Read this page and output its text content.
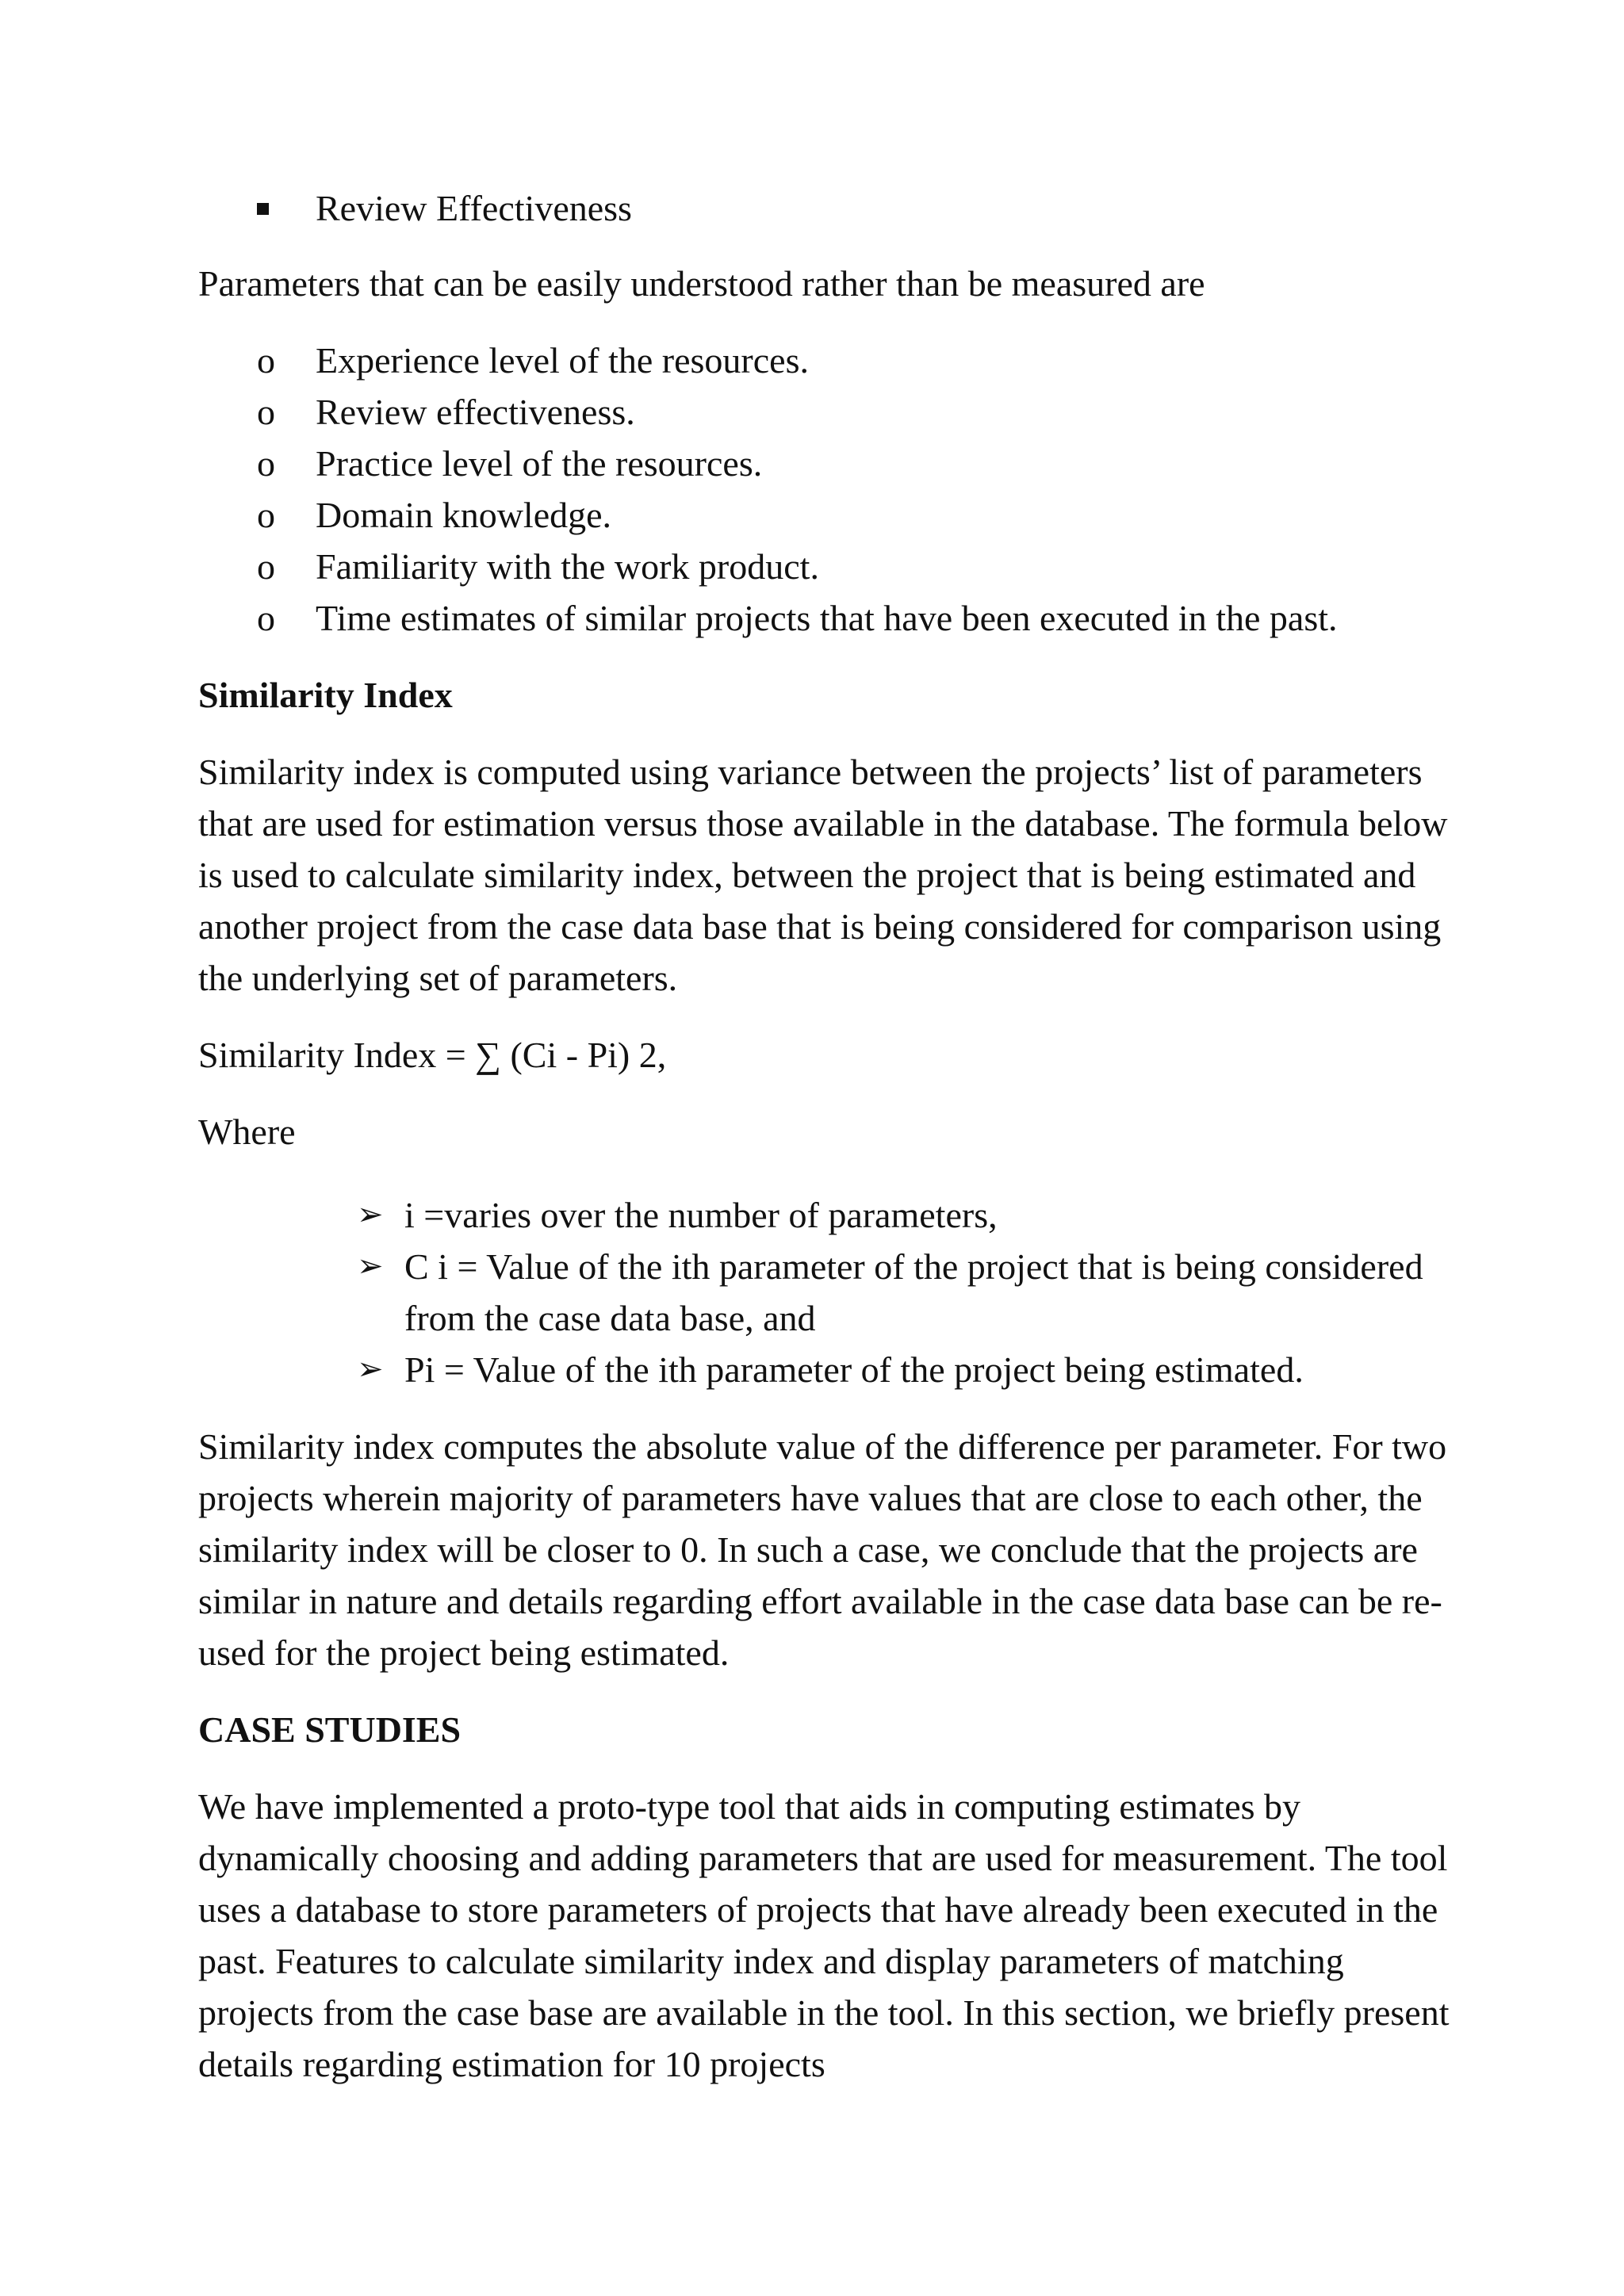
Review Effectiveness

Parameters that can be easily understood rather than be measured are

o Experience level of the resources.
o Review effectiveness.
o Practice level of the resources.
o Domain knowledge.
o Familiarity with the work product.
o Time estimates of similar projects that have been executed in the past.

Similarity Index

Similarity index is computed using variance between the projects’ list of parameters that are used for estimation versus those available in the database. The formula below is used to calculate similarity index, between the project that is being estimated and another project from the case data base that is being considered for comparison using the underlying set of parameters.

Similarity Index = ∑ (Ci - Pi) 2,

Where

➢ i =varies over the number of parameters,
➢ C i = Value of the ith parameter of the project that is being considered from the case data base, and
➢ Pi = Value of the ith parameter of the project being estimated.

Similarity index computes the absolute value of the difference per parameter. For two projects wherein majority of parameters have values that are close to each other, the similarity index will be closer to 0. In such a case, we conclude that the projects are similar in nature and details regarding effort available in the case data base can be re-used for the project being estimated.

CASE STUDIES

We have implemented a proto-type tool that aids in computing estimates by dynamically choosing and adding parameters that are used for measurement. The tool uses a database to store parameters of projects that have already been executed in the past. Features to calculate similarity index and display parameters of matching projects from the case base are available in the tool. In this section, we briefly present details regarding estimation for 10 projects
